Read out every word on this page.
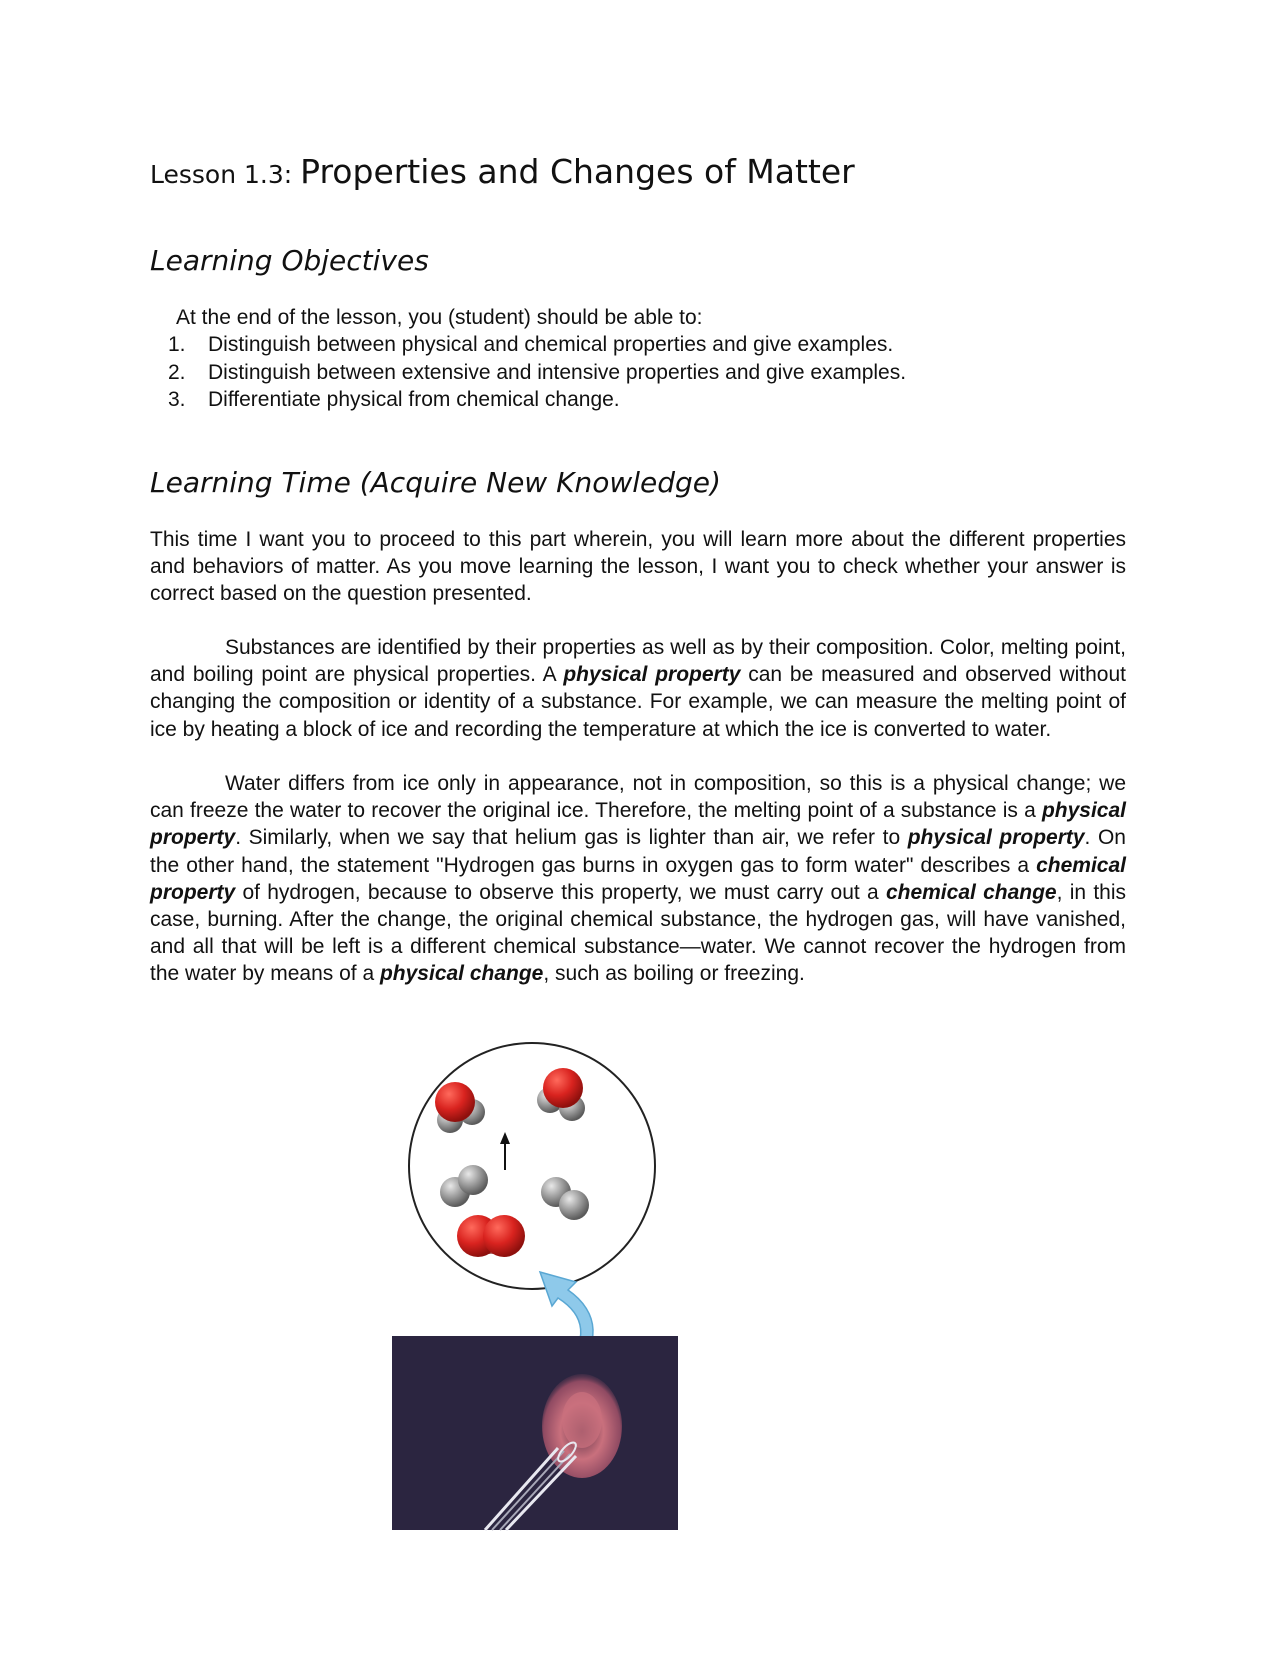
Lesson 1.3: Properties and Changes of Matter
Learning Objectives
At the end of the lesson, you (student) should be able to:
1. Distinguish between physical and chemical properties and give examples.
2. Distinguish between extensive and intensive properties and give examples.
3. Differentiate physical from chemical change.
Learning Time (Acquire New Knowledge)

This time I want you to proceed to this part wherein, you will learn more about the different properties and behaviors of matter. As you move learning the lesson, I want you to check whether your answer is correct based on the question presented.

Substances are identified by their properties as well as by their composition. Color, melting point, and boiling point are physical properties. A physical property can be measured and observed without changing the composition or identity of a substance. For example, we can measure the melting point of ice by heating a block of ice and recording the temperature at which the ice is converted to water.

Water differs from ice only in appearance, not in composition, so this is a physical change; we can freeze the water to recover the original ice. Therefore, the melting point of a substance is a physical property. Similarly, when we say that helium gas is lighter than air, we refer to physical property. On the other hand, the statement "Hydrogen gas burns in oxygen gas to form water" describes a chemical property of hydrogen, because to observe this property, we must carry out a chemical change, in this case, burning. After the change, the original chemical substance, the hydrogen gas, will have vanished, and all that will be left is a different chemical substance—water. We cannot recover the hydrogen from the water by means of a physical change, such as boiling or freezing.
